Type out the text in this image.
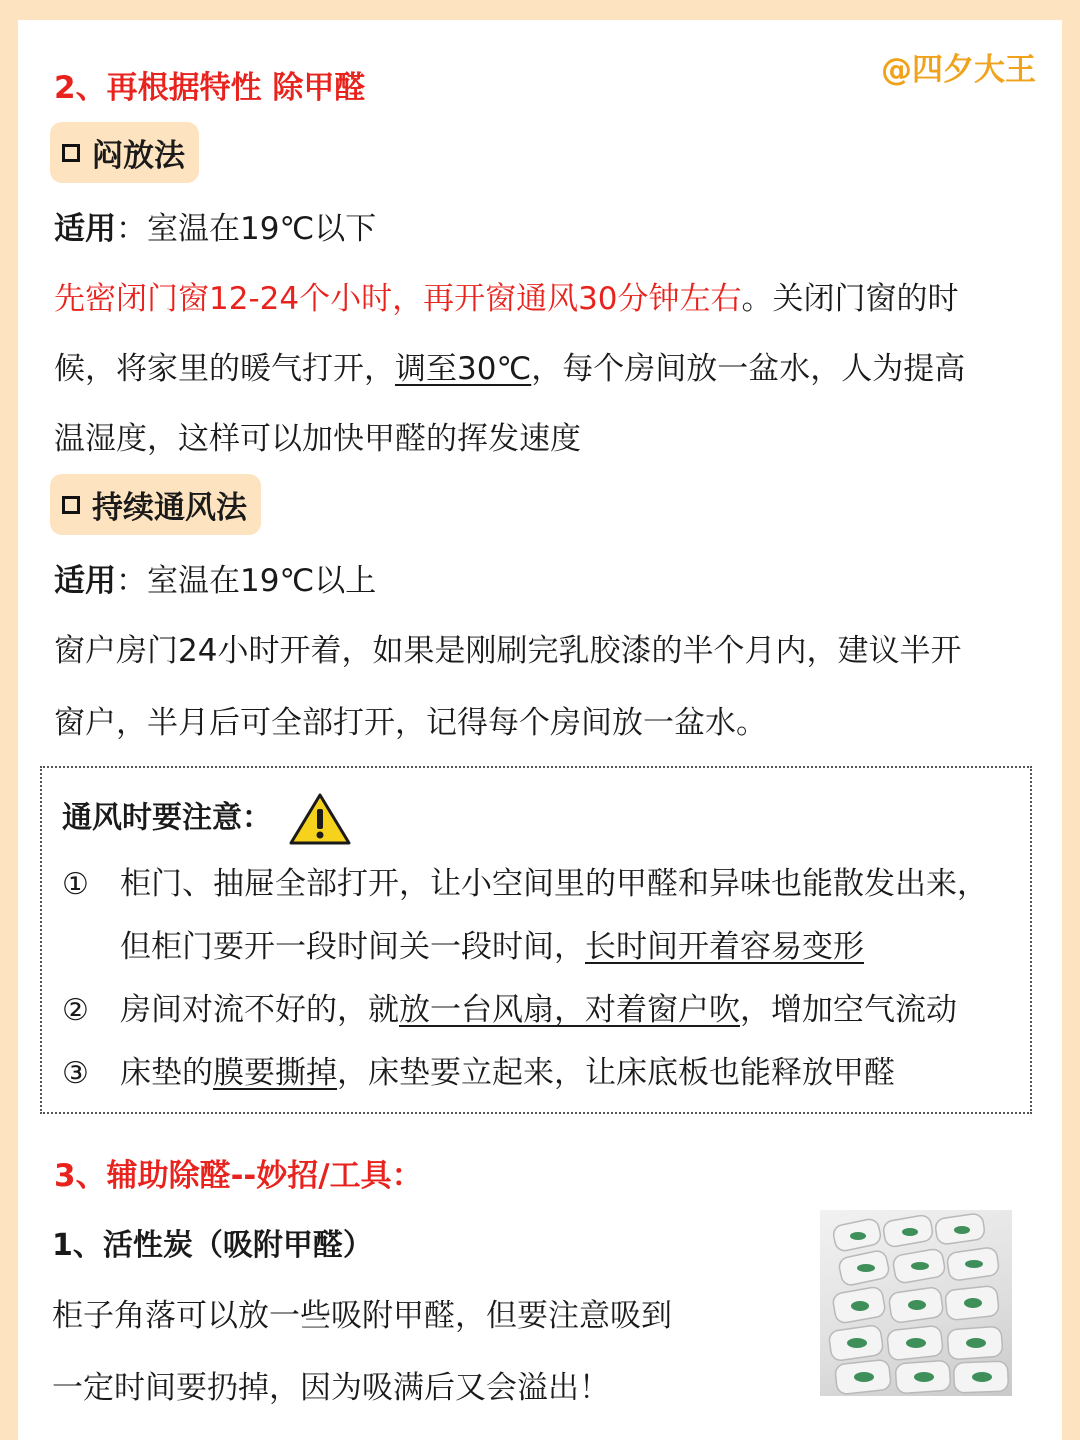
@四夕大王
2、再根据特性 除甲醛
闷放法
适用：室温在19℃以下
先密闭门窗12-24个小时，再开窗通风30分钟左右。关闭门窗的时
候，将家里的暖气打开，调至30℃，每个房间放一盆水，人为提高
温湿度，这样可以加快甲醛的挥发速度
持续通风法
适用：室温在19℃以上
窗户房门24小时开着，如果是刚刷完乳胶漆的半个月内，建议半开
窗户，半月后可全部打开，记得每个房间放一盆水。
通风时要注意：
① 柜门、抽屉全部打开，让小空间里的甲醛和异味也能散发出来，
但柜门要开一段时间关一段时间，长时间开着容易变形
② 房间对流不好的，就放一台风扇，对着窗户吹，增加空气流动
③ 床垫的膜要撕掉，床垫要立起来，让床底板也能释放甲醛
3、辅助除醛--妙招/工具：
1、活性炭（吸附甲醛）
柜子角落可以放一些吸附甲醛，但要注意吸到
一定时间要扔掉，因为吸满后又会溢出！
